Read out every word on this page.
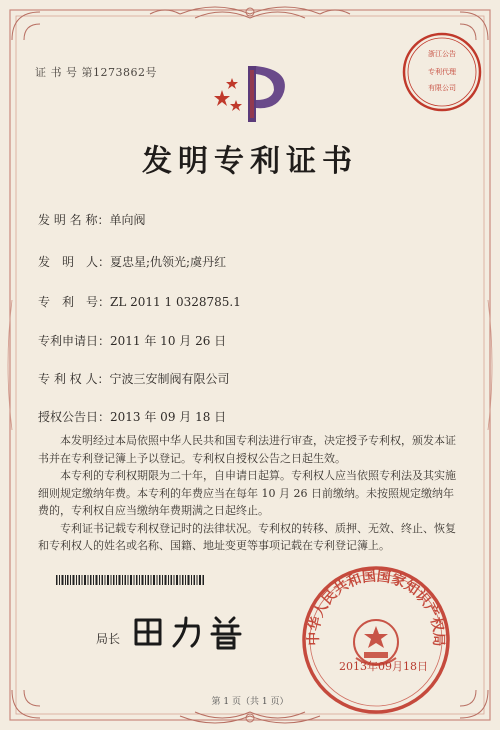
证 书 号 第1273862号
浙江公告
专利代理
有限公司
发明专利证书
发 明 名 称：单向阀
发　明　人：夏忠星;仇领光;虞丹红
专　利　号：ZL 2011 1 0328785.1
专利申请日：2011 年 10 月 26 日
专 利 权 人：宁波三安制阀有限公司
授权公告日：2013 年 09 月 18 日

本发明经过本局依照中华人民共和国专利法进行审查，决定授予专利权，颁发本证书并在专利登记簿上予以登记。专利权自授权公告之日起生效。

本专利的专利权期限为二十年，自申请日起算。专利权人应当依照专利法及其实施细则规定缴纳年费。本专利的年费应当在每年 10 月 26 日前缴纳。未按照规定缴纳年费的，专利权自应当缴纳年费期满之日起终止。

专利证书记载专利权登记时的法律状况。专利权的转移、质押、无效、终止、恢复和专利权人的姓名或名称、国籍、地址变更等事项记载在专利登记簿上。

局长	中华人民共和国国家知识产权局
2013年09月18日
第 1 页（共 1 页）
